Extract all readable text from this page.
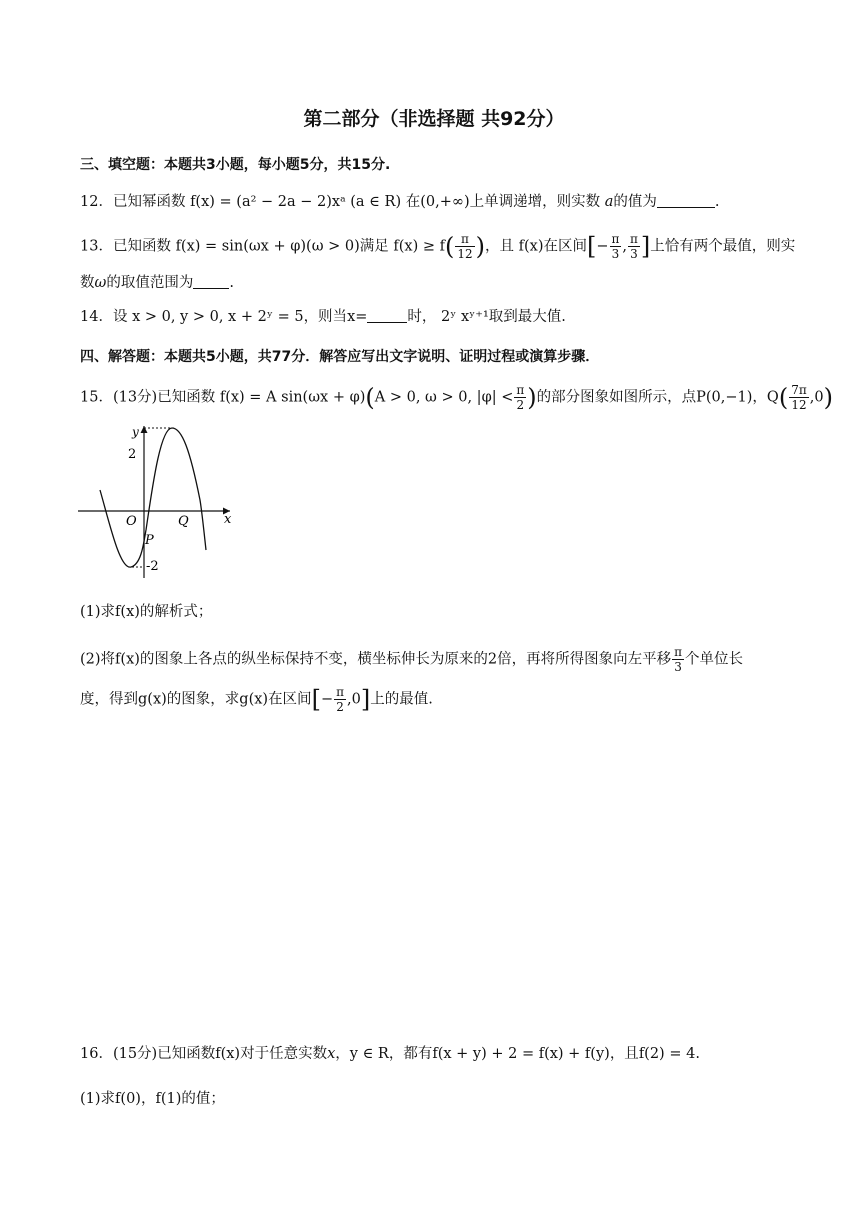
第二部分（非选择题 共92分）
三、填空题：本题共3小题，每小题5分，共15分.
12．已知幂函数 f(x) = (a² − 2a − 2)xᵃ (a ∈ R) 在(0,+∞)上单调递增，则实数 a的值为	.
13．已知函数 f(x) = sin(ωx + φ)(ω > 0)满足 $f(x) \ge f( \frac{\pi}{12}$ )，且 f(x)在区间[− $\frac{\pi}{3}$ , $\frac{\pi}{3}$ ]上恰有两个最值，则实
数ω的取值范围为 .
14．设 x > 0, y > 0, x + 2ʸ = 5，则当x=	时， 2ʸ xʸ⁺¹取到最大值.
四、解答题：本题共5小题，共77分．解答应写出文字说明、证明过程或演算步骤．
15．(13分)已知函数 f(x) = A sin(ωx + φ)(A > 0, ω > 0, $|\varphi| < \frac{\pi}{2}$ )的部分图象如图所示，点P(0,−1)，$Q( \frac{7\pi}{12} ,0)$
y
x
2
-2
O	Q
P
(1)求f(x)的解析式；
(2)将f(x)的图象上各点的纵坐标保持不变，横坐标伸长为原来的2倍，再将所得图象向左平移 $\frac{\pi}{3}$ 个单位长
度，得到g(x)的图象，求g(x)在区间[− $\frac{\pi}{2} ,0$]上的最值.
16．(15分)已知函数f(x)对于任意实数x，y ∈ R，都有f(x + y) + 2 = f(x) + f(y)，且f(2) = 4.
(1)求f(0)，f(1)的值；
